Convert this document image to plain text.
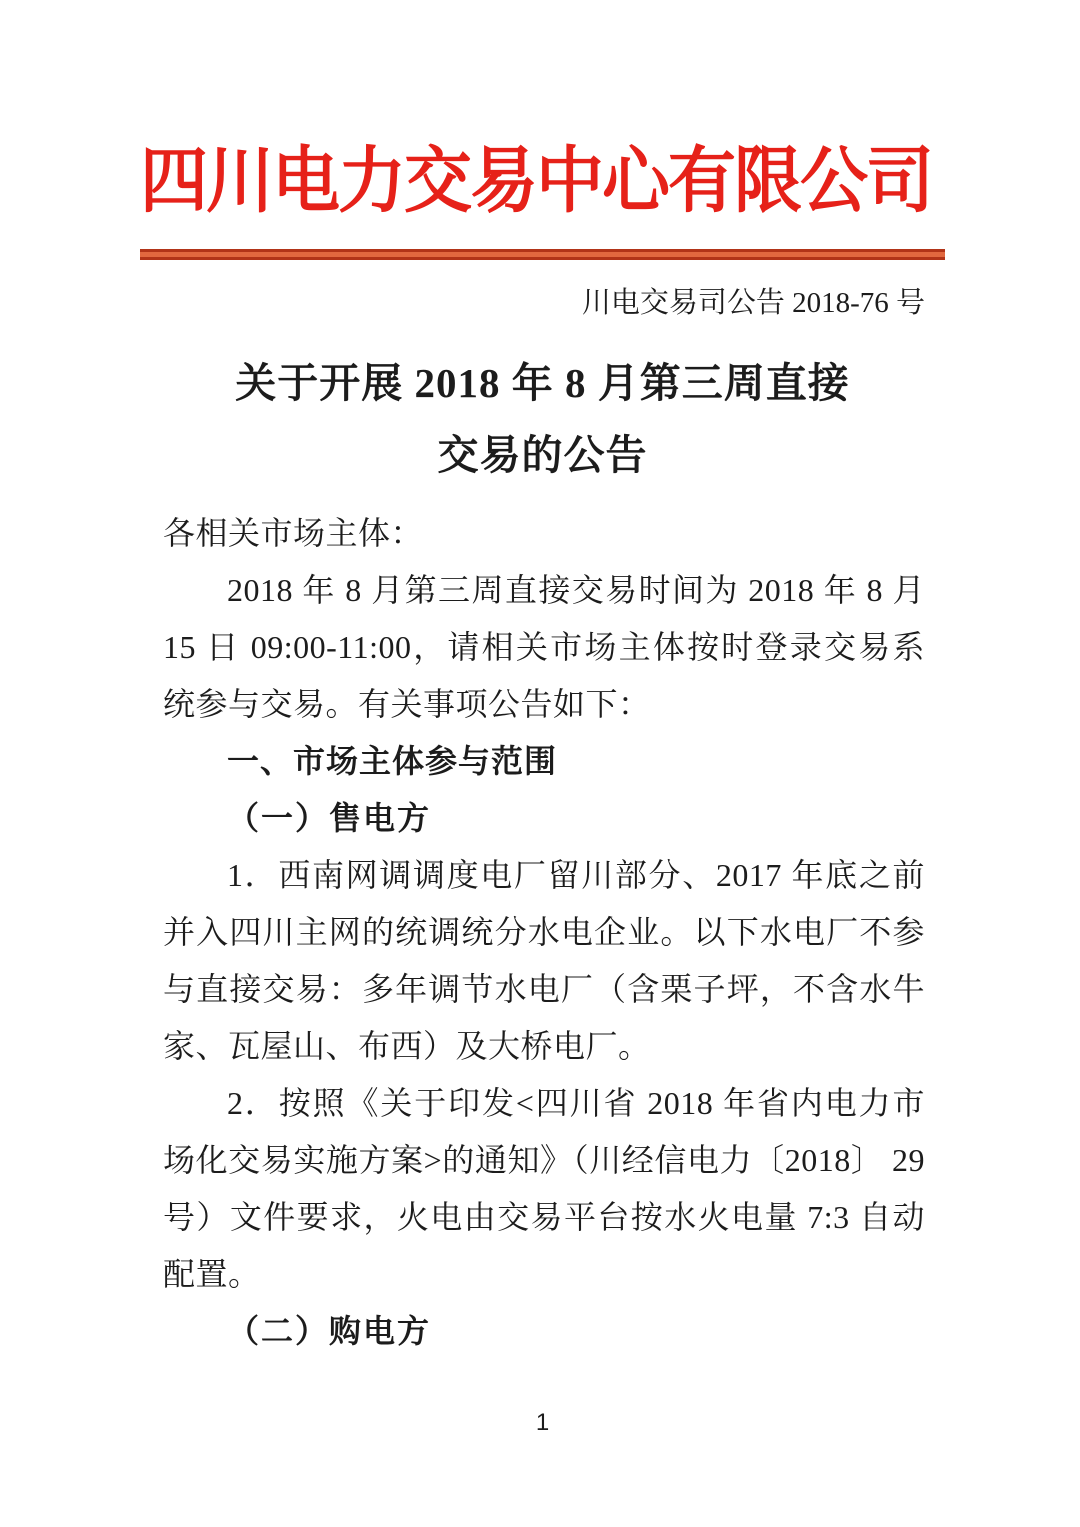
四川电力交易中心有限公司
川电交易司公告 2018-76 号
关于开展 2018 年 8 月第三周直接
交易的公告

各相关市场主体：

2018 年 8 月第三周直接交易时间为 2018 年 8 月 15 日 09:00-11:00，请相关市场主体按时登录交易系统参与交易。有关事项公告如下：

一、市场主体参与范围

（一）售电方

1．西南网调调度电厂留川部分、2017 年底之前并入四川主网的统调统分水电企业。以下水电厂不参与直接交易：多年调节水电厂（含栗子坪，不含水牛家、瓦屋山、布西）及大桥电厂。

2．按照《关于印发<四川省 2018 年省内电力市场化交易实施方案>的通知》（川经信电力〔2018〕 29 号）文件要求，火电由交易平台按水火电量 7:3 自动配置。

（二）购电方

1
